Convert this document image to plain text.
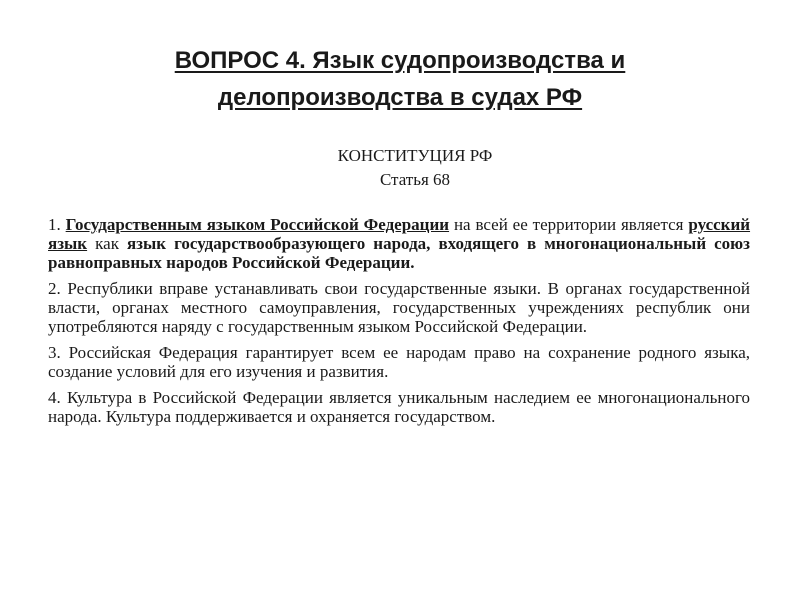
ВОПРОС 4. Язык судопроизводства и
делопроизводства в судах РФ
КОНСТИТУЦИЯ РФ
Статья 68

1. Государственным языком Российской Федерации на всей ее территории является русский язык как язык государствообразующего народа, входящего в многонациональный союз равноправных народов Российской Федерации.

2. Республики вправе устанавливать свои государственные языки. В органах государственной власти, органах местного самоуправления, государственных учреждениях республик они употребляются наряду с государственным языком Российской Федерации.

3. Российская Федерация гарантирует всем ее народам право на сохранение родного языка, создание условий для его изучения и развития.

4. Культура в Российской Федерации является уникальным наследием ее многонационального народа. Культура поддерживается и охраняется государством.
